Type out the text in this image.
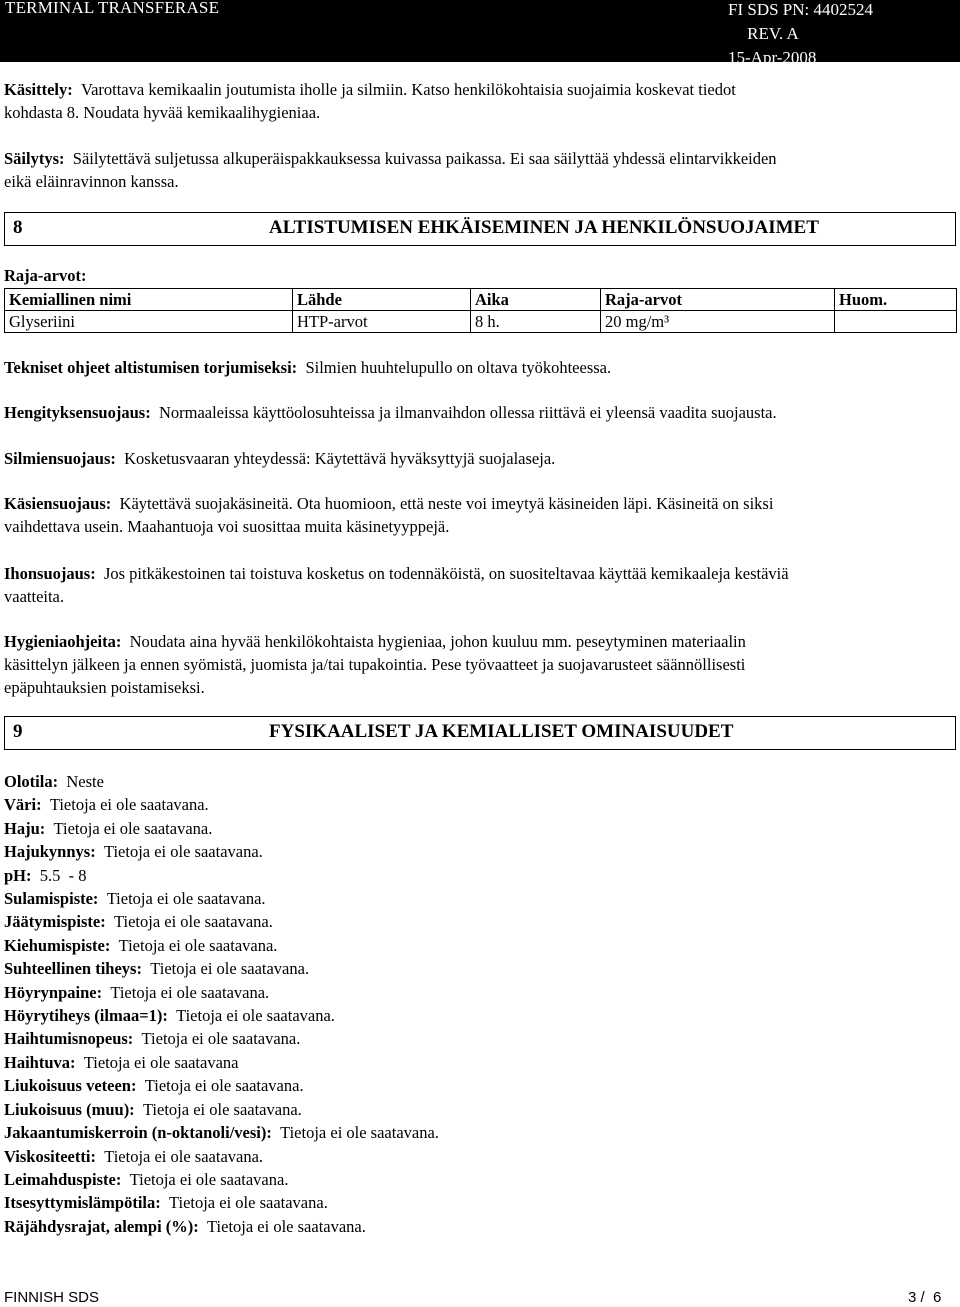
TERMINAL TRANSFERASE	FI SDS PN: 4402524
REV. A
15-Apr-2008
Käsittely: Varottava kemikaalin joutumista iholle ja silmiin. Katso henkilökohtaisia suojaimia koskevat tiedot
kohdasta 8. Noudata hyvää kemikaalihygieniaa.
Säilytys: Säilytettävä suljetussa alkuperäispakkauksessa kuivassa paikassa. Ei saa säilyttää yhdessä elintarvikkeiden
eikä eläinravinnon kanssa.
8	ALTISTUMISEN EHKÄISEMINEN JA HENKILÖNSUOJAIMET
Raja-arvot:
Kemiallinen nimi	Lähde	Aika	Raja-arvot	Huom.
Glyseriini	HTP-arvot	8 h.	20 mg/m³	
Tekniset ohjeet altistumisen torjumiseksi: Silmien huuhtelupullo on oltava työkohteessa.
Hengityksensuojaus: Normaaleissa käyttöolosuhteissa ja ilmanvaihdon ollessa riittävä ei yleensä vaadita suojausta.
Silmiensuojaus: Kosketusvaaran yhteydessä: Käytettävä hyväksyttyjä suojalaseja.
Käsiensuojaus: Käytettävä suojakäsineitä. Ota huomioon, että neste voi imeytyä käsineiden läpi. Käsineitä on siksi
vaihdettava usein. Maahantuoja voi suosittaa muita käsinetyyppejä.
Ihonsuojaus: Jos pitkäkestoinen tai toistuva kosketus on todennäköistä, on suositeltavaa käyttää kemikaaleja kestäviä
vaatteita.
Hygieniaohjeita: Noudata aina hyvää henkilökohtaista hygieniaa, johon kuuluu mm. peseytyminen materiaalin
käsittelyn jälkeen ja ennen syömistä, juomista ja/tai tupakointia. Pese työvaatteet ja suojavarusteet säännöllisesti
epäpuhtauksien poistamiseksi.
9	FYSIKAALISET JA KEMIALLISET OMINAISUUDET
Olotila: Neste
Väri: Tietoja ei ole saatavana.
Haju: Tietoja ei ole saatavana.
Hajukynnys: Tietoja ei ole saatavana.
pH: 5.5  - 8
Sulamispiste: Tietoja ei ole saatavana.
Jäätymispiste: Tietoja ei ole saatavana.
Kiehumispiste: Tietoja ei ole saatavana.
Suhteellinen tiheys: Tietoja ei ole saatavana.
Höyrynpaine: Tietoja ei ole saatavana.
Höyrytiheys (ilmaa=1): Tietoja ei ole saatavana.
Haihtumisnopeus: Tietoja ei ole saatavana.
Haihtuva: Tietoja ei ole saatavana
Liukoisuus veteen: Tietoja ei ole saatavana.
Liukoisuus (muu): Tietoja ei ole saatavana.
Jakaantumiskerroin (n-oktanoli/vesi): Tietoja ei ole saatavana.
Viskositeetti: Tietoja ei ole saatavana.
Leimahduspiste: Tietoja ei ole saatavana.
Itsesyttymislämpötila: Tietoja ei ole saatavana.
Räjähdysrajat, alempi (%): Tietoja ei ole saatavana.
FINNISH SDS	3 /  6
